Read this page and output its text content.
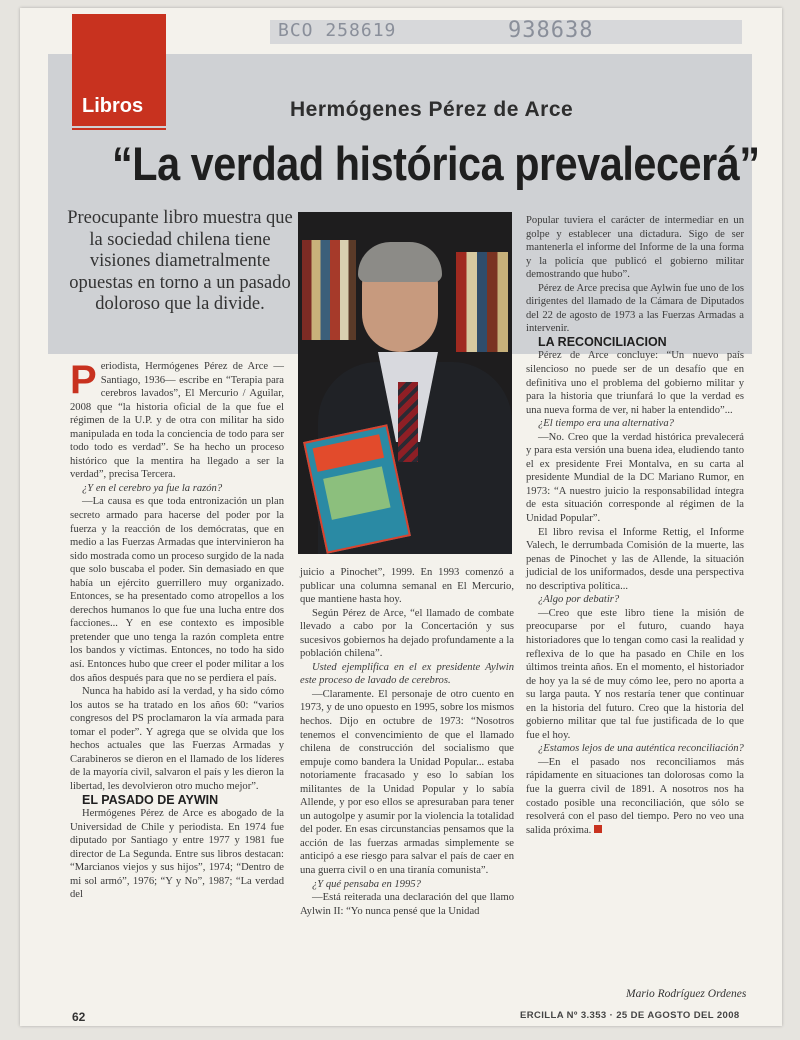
BCO 258619	938638
Libros	Hermógenes Pérez de Arce
“La verdad histórica prevalecerá”
Preocupante libro muestra que la sociedad chilena tiene visiones diametralmente opuestas en torno a un pasado doloroso que la divide.

Periodista, Hermógenes Pérez de Arce —Santiago, 1936— escribe en “Terapia para cerebros lavados”, El Mercurio / Aguilar, 2008 que “la historia oficial de la que fue el régimen de la U.P. y de otra con militar ha sido manipulada en toda la conciencia de todo para ser todo todo es verdad”. Se ha hecho un proceso histórico que la mentira ha llegado a ser la verdad”, precisa Tercera.

¿Y en el cerebro ya fue la razón?

—La causa es que toda entronización un plan secreto armado para hacerse del poder por la fuerza y la reacción de los demócratas, que en medio a las Fuerzas Armadas que intervinieron ha sido mostrada como un proceso surgido de la nada que solo buscaba el poder. Sin demasiado en que había un ejército guerrillero muy organizado. Entonces, se ha presentado como atropellos a los derechos humanos lo que fue una lucha entre dos facciones... Y en ese contexto es imposible pretender que uno tenga la razón completa entre los bandos y víctimas. Entonces, no todo ha sido así. Entonces hubo que creer el poder militar a los dos años después para que no se perdiera el país.

Nunca ha habido así la verdad, y ha sido cómo los autos se ha tratado en los años 60: “varios congresos del PS proclamaron la vía armada para tomar el poder”. Y agrega que se olvida que los hechos actuales que las Fuerzas Armadas y Carabineros se dieron en el llamado de los líderes de la mayoría civil, salvaron el país y les dieron la libertad, les devolvieron otro mucho mejor”.

EL PASADO DE AYWIN

Hermógenes Pérez de Arce es abogado de la Universidad de Chile y periodista. En 1974 fue diputado por Santiago y entre 1977 y 1981 fue director de La Segunda. Entre sus libros destacan: “Marcianos viejos y sus hijos”, 1974; “Dentro de mi sol armó”, 1976; “Y y No”, 1987; “La verdad del

juicio a Pinochet”, 1999. En 1993 comenzó a publicar una columna semanal en El Mercurio, que mantiene hasta hoy.

Según Pérez de Arce, “el llamado de combate llevado a cabo por la Concertación y sus sucesivos gobiernos ha dejado profundamente a la población chilena”.

Usted ejemplifica en el ex presidente Aylwin este proceso de lavado de cerebros.

—Claramente. El personaje de otro cuento en 1973, y de uno opuesto en 1995, sobre los mismos hechos. Dijo en octubre de 1973: “Nosotros tenemos el convencimiento de que el llamado chilena de construcción del socialismo que empuje como bandera la Unidad Popular... estaba notoriamente fracasado y eso lo sabían los militantes de la Unidad Popular y lo sabía Allende, y por eso ellos se apresuraban para tener un autogolpe y asumir por la violencia la totalidad del poder. En esas circunstancias pensamos que la acción de las fuerzas armadas simplemente se anticipó a ese riesgo para salvar el país de caer en una guerra civil o en una tiranía comunista”.

¿Y qué pensaba en 1995?

—Está reiterada una declaración del que llamo Aylwin II: “Yo nunca pensé que la Unidad

Popular tuviera el carácter de intermediar en un golpe y establecer una dictadura. Sigo de ser mantenerla el informe del Informe de la una forma y la policía que publicó el gobierno militar demostrando que hubo”.

Pérez de Arce precisa que Aylwin fue uno de los dirigentes del llamado de la Cámara de Diputados del 22 de agosto de 1973 a las Fuerzas Armadas a intervenir.

LA RECONCILIACION

Pérez de Arce concluye: “Un nuevo país silencioso no puede ser de un desafío que en definitiva uno el problema del gobierno militar y para la historia que triunfará lo que la verdad es una nueva forma de ver, ni haber la entendido”...

¿El tiempo era una alternativa?

—No. Creo que la verdad histórica prevalecerá y para esta versión una buena idea, eludiendo tanto el ex presidente Frei Montalva, en su carta al presidente Mundial de la DC Mariano Rumor, en 1973: “A nuestro juicio la responsabilidad íntegra de esta situación corresponde al régimen de la Unidad Popular”.

El libro revisa el Informe Rettig, el Informe Valech, le derrumbada Comisión de la muerte, las penas de Pinochet y las de Allende, la situación judicial de los uniformados, desde una perspectiva no descriptiva política...

¿Algo por debatir?

—Creo que este libro tiene la misión de preocuparse por el futuro, cuando haya historiadores que lo tengan como casi la realidad y reflexiva de lo que ha pasado en Chile en los últimos treinta años. En el momento, el historiador de hoy ya la sé de muy cómo lee, pero no aporta a su larga pauta. Y nos restaría tener que continuar en la historia del futuro. Creo que la historia del gobierno militar que tal fue justificada de lo que fue el hoy.

¿Estamos lejos de una auténtica reconciliación?

—En el pasado nos reconciliamos más rápidamente en situaciones tan dolorosas como la fue la guerra civil de 1891. A nosotros nos ha costado posible una reconciliación, que sólo se resolverá con el paso del tiempo. Pero no veo una salida próxima.

Mario Rodríguez Ordenes
62	ERCILLA Nº 3.353 · 25 DE AGOSTO DEL 2008
